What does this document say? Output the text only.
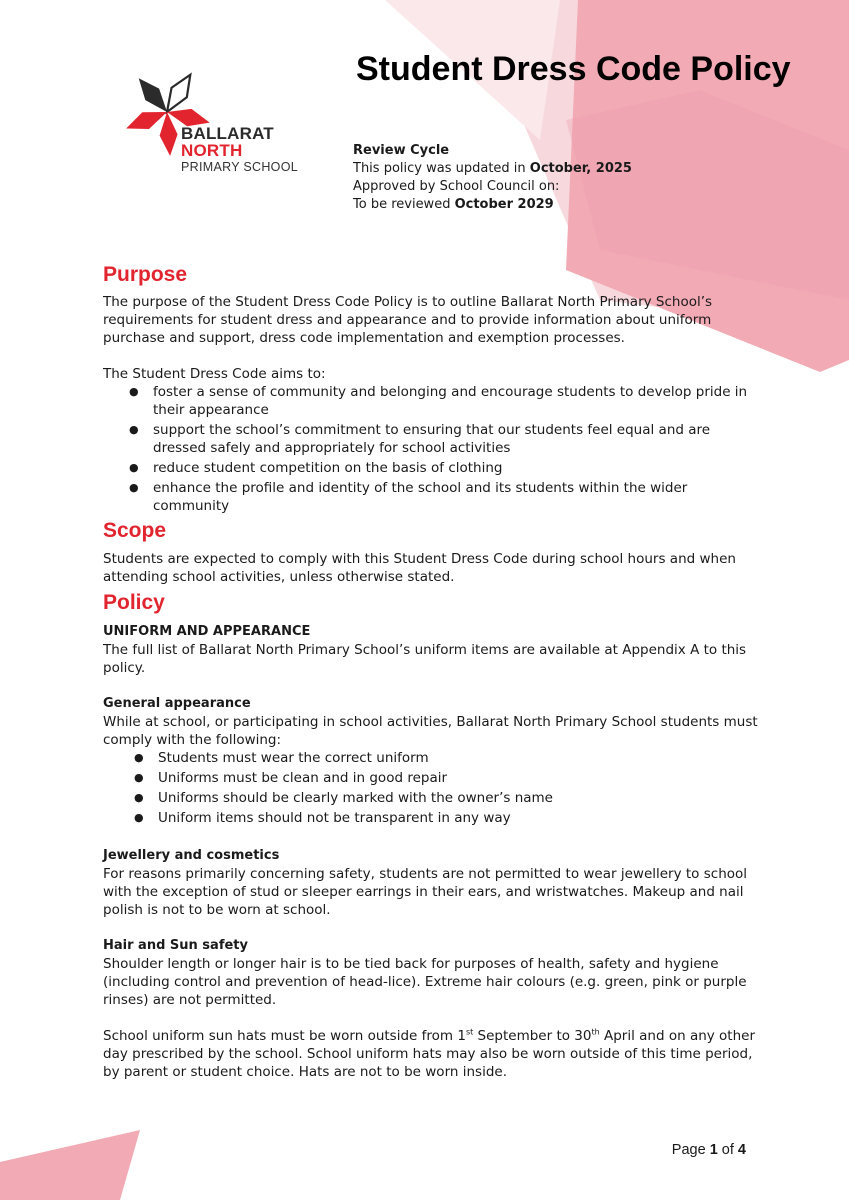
BALLARAT
NORTH
PRIMARY SCHOOL
Student Dress Code Policy
Review Cycle
This policy was updated in October, 2025
Approved by School Council on:
To be reviewed October 2029
Purpose

The purpose of the Student Dress Code Policy is to outline Ballarat North Primary School’s requirements for student dress and appearance and to provide information about uniform purchase and support, dress code implementation and exemption processes.

The Student Dress Code aims to:

● foster a sense of community and belonging and encourage students to develop pride in their appearance
● support the school’s commitment to ensuring that our students feel equal and are dressed safely and appropriately for school activities
● reduce student competition on the basis of clothing
● enhance the profile and identity of the school and its students within the wider community
Scope

Students are expected to comply with this Student Dress Code during school hours and when attending school activities, unless otherwise stated.

Policy

UNIFORM AND APPEARANCE

The full list of Ballarat North Primary School’s uniform items are available at Appendix A to this policy.

General appearance

While at school, or participating in school activities, Ballarat North Primary School students must comply with the following:

● Students must wear the correct uniform
● Uniforms must be clean and in good repair
● Uniforms should be clearly marked with the owner’s name
● Uniform items should not be transparent in any way

Jewellery and cosmetics

For reasons primarily concerning safety, students are not permitted to wear jewellery to school with the exception of stud or sleeper earrings in their ears, and wristwatches. Makeup and nail polish is not to be worn at school.

Hair and Sun safety

Shoulder length or longer hair is to be tied back for purposes of health, safety and hygiene (including control and prevention of head-lice). Extreme hair colours (e.g. green, pink or purple rinses) are not permitted.

School uniform sun hats must be worn outside from 1st September to 30th April and on any other day prescribed by the school. School uniform hats may also be worn outside of this time period, by parent or student choice. Hats are not to be worn inside.

Page 1 of 4
